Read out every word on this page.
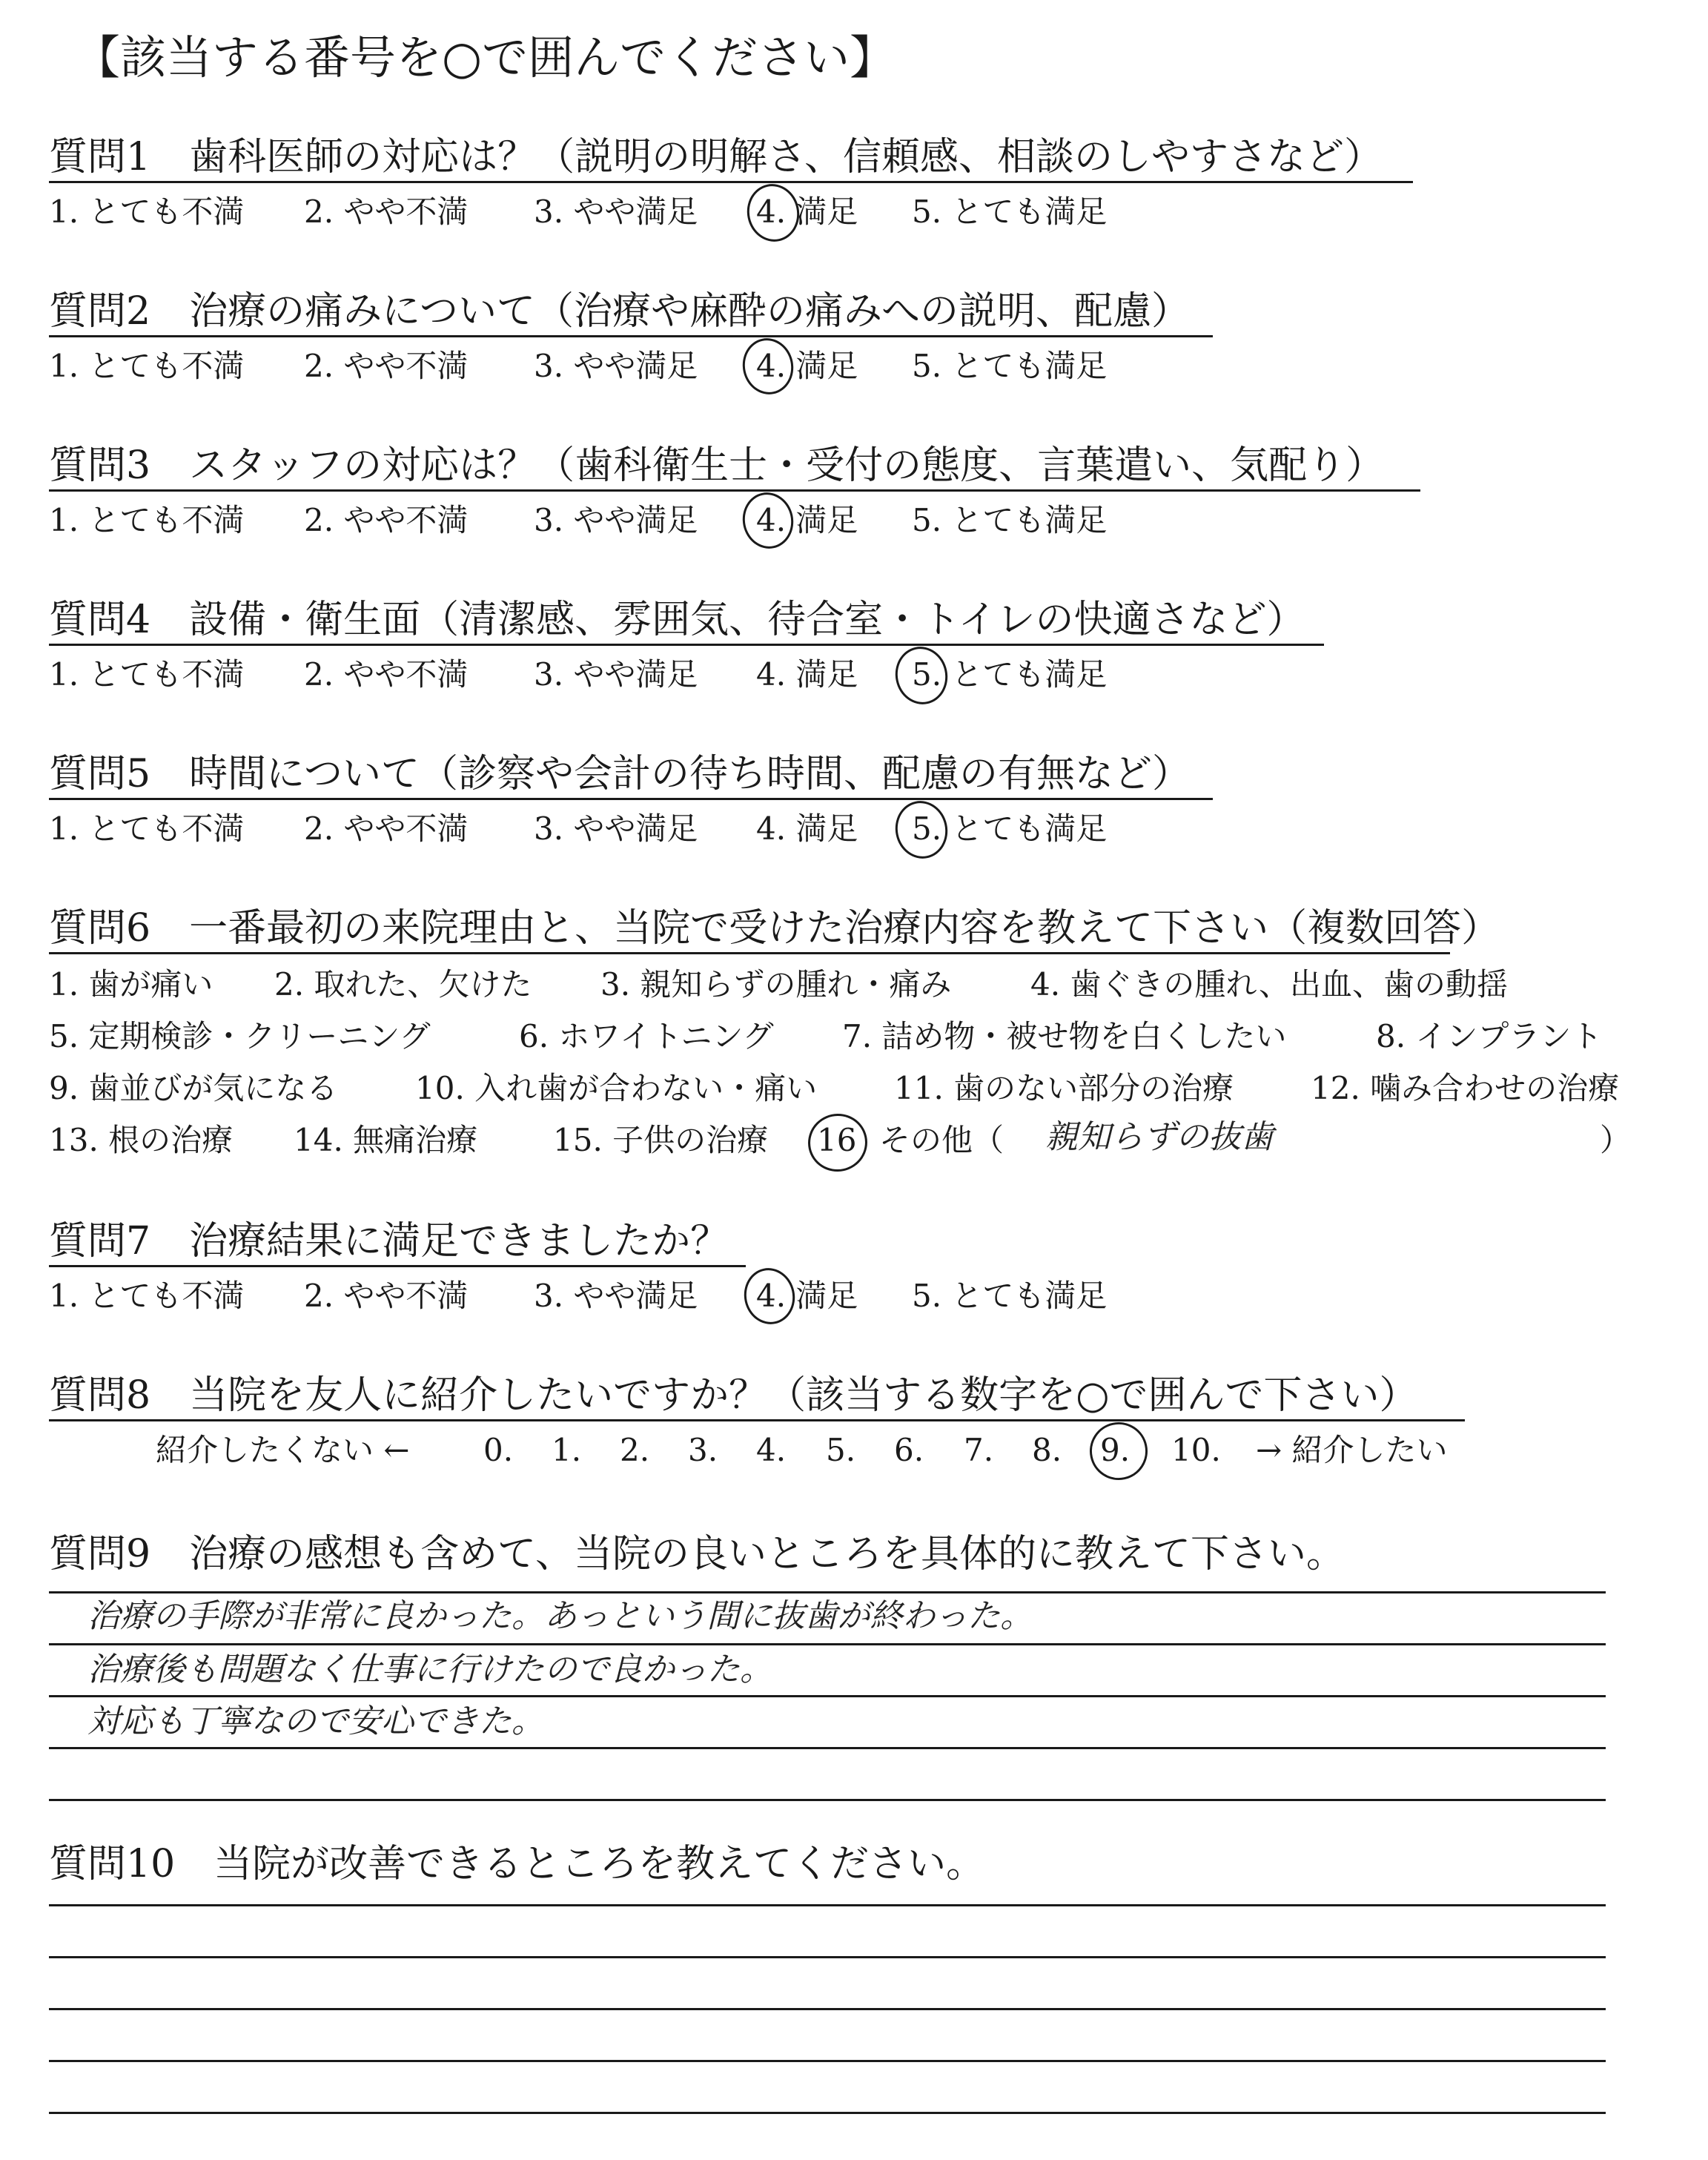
【該当する番号を○で囲んでください】
質問1　歯科医師の対応は？（説明の明解さ、信頼感、相談のしやすさなど）
1. とても不満 2. やや不満 3. やや満足 4. 満足 5. とても満足
質問2　治療の痛みについて（治療や麻酔の痛みへの説明、配慮）
1. とても不満 2. やや不満 3. やや満足 4. 満足 5. とても満足
質問3　スタッフの対応は？（歯科衛生士・受付の態度、言葉遣い、気配り）
1. とても不満 2. やや不満 3. やや満足 4. 満足 5. とても満足
質問4　設備・衛生面（清潔感、雰囲気、待合室・トイレの快適さなど）
1. とても不満 2. やや不満 3. やや満足 4. 満足 5. とても満足
質問5　時間について（診察や会計の待ち時間、配慮の有無など）
1. とても不満 2. やや不満 3. やや満足 4. 満足 5. とても満足
質問6　一番最初の来院理由と、当院で受けた治療内容を教えて下さい（複数回答）
1. 歯が痛い 2. 取れた、欠けた 3. 親知らずの腫れ・痛み	4. 歯ぐきの腫れ、出血、歯の動揺
5. 定期検診・クリーニング	6. ホワイトニング 7. 詰め物・被せ物を白くしたい	8. インプラント
9. 歯並びが気になる 10. 入れ歯が合わない・痛い 11. 歯のない部分の治療 12. 噛み合わせの治療
13. 根の治療 14. 無痛治療 15. 子供の治療 16 その他（ 親知らずの抜歯	）
質問7　治療結果に満足できましたか？
1. とても不満 2. やや不満 3. やや満足 4. 満足 5. とても満足
質問8　当院を友人に紹介したいですか？（該当する数字を○で囲んで下さい）
紹介したくない ← 0. 1. 2. 3. 4. 5. 6. 7. 8. 9. 10. → 紹介したい
質問9　治療の感想も含めて、当院の良いところを具体的に教えて下さい。
治療の手際が非常に良かった。あっという間に抜歯が終わった。
治療後も問題なく仕事に行けたので良かった。
対応も丁寧なので安心できた。
質問10　当院が改善できるところを教えてください。
